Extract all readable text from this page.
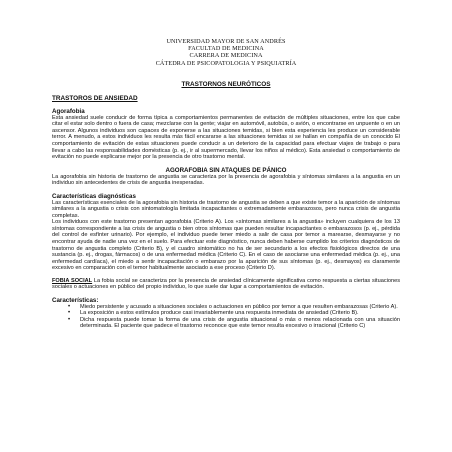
UNIVERSIDAD MAYOR DE SAN ANDRÉS
FACULTAD DE MEDICINA
CARRERA DE MEDICINA
CÁTEDRA DE PSICOPATOLOGIA Y PSIQUIATRÍA
TRASTORNOS NEURÓTICOS
TRASTOROS DE ANSIEDAD
Agorafobia

Esta ansiedad suele conducir de forma típica a comportamientos permanentes de evitación de múltiples situaciones, entre los que cabe citar el estar solo dentro o fuera de casa; mezclarse con la gente; viajar en automóvil, autobús, o avión, o encontrarse en unpuente o en un ascensor. Algunos individuos son capaces de exponerse a las situaciones temidas, si bien esta experiencia les produce un considerable terror. A menudo, a estos individuos les resulta más fácil encararse a las situaciones temidas si se hallan en compañía de un conocido El comportamiento de evitación de estas situaciones puede conducir a un deterioro de la capacidad para efectuar viajes de trabajo o para llevar a cabo las responsabilidades domésticas (p. ej., ir al supermercado, llevar los niños al médico). Esta ansiedad o comportamiento de evitación no puede explicarse mejor por la presencia de otro trastorno mental.

AGORAFOBIA SIN ATAQUES DE PÁNICO

La agorafobia sin historia de trastorno de angustia se caracteriza por la presencia de agorafobia y síntomas similares a la angustia en un individuo sin antecedentes de crisis de angustia inesperadas.

Características diagnósticas

Las características esenciales de la agorafobia sin historia de trastorno de angustia se deben a que existe temor a la aparición de síntomas similares a la angustia o crisis con sintomatología limitada incapacitantes o extremadamente embarazosos, pero nunca crisis de angustia completas.

Los individuos con este trastorno presentan agorafobia (Criterio A). Los «síntomas similares a la angustia» incluyen cualquiera de los 13 síntomas correspondiente a las crisis de angustia o bien otros síntomas que pueden resultar incapacitantes o embarazosos (p. ej., pérdida del control de esfínter urinario). Por ejemplo, el individuo puede tener miedo a salir de casa por temor a marearse, desmayarse y no encontrar ayuda de nadie una vez en el suelo. Para efectuar este diagnóstico, nunca deben haberse cumplido los criterios diagnósticos de trastorno de angustia completo (Criterio B), y el cuadro sintomático no ha de ser secundario a los efectos fisiológicos directos de una sustancia (p. ej., drogas, fármacos) o de una enfermedad médica (Criterio C). En el caso de asociarse una enfermedad médica (p. ej., una enfermedad cardíaca), el miedo a sentir incapacitación o embarazo por la aparición de sus síntomas (p. ej., desmayos) es claramente excesivo en comparación con el temor habitualmente asociado a ese proceso (Criterio D).

FOBIA SOCIAL La fobia social se caracteriza por la presencia de ansiedad clínicamente significativa como respuesta a ciertas situaciones sociales o actuaciones en público del propio individuo, lo que suele dar lugar a comportamientos de evitación.

Características:
• Miedo persistente y acusado a situaciones sociales o actuaciones en público por temor a que resulten embarazosas (Criterio A).
• La exposición a estos estímulos produce casi invariablemente una respuesta inmediata de ansiedad (Criterio B).
• Dicha respuesta puede tomar la forma de una crisis de angustia situacional o más o menos relacionada con una situación determinada. El paciente que padece el trastorno reconoce que este temor resulta excesivo o irracional (Criterio C)
